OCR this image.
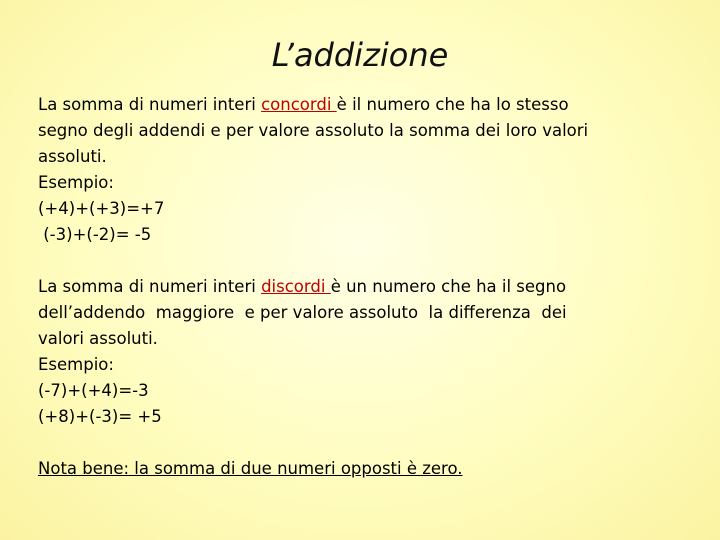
L’addizione
La somma di numeri interi concordi è il numero che ha lo stesso
segno degli addendi e per valore assoluto la somma dei loro valori
assoluti.
Esempio:
(+4)+(+3)=+7
(-3)+(-2)= -5
La somma di numeri interi discordi è un numero che ha il segno
dell’addendo  maggiore  e per valore assoluto  la differenza  dei
valori assoluti.
Esempio:
(-7)+(+4)=-3
(+8)+(-3)= +5
Nota bene: la somma di due numeri opposti è zero.
